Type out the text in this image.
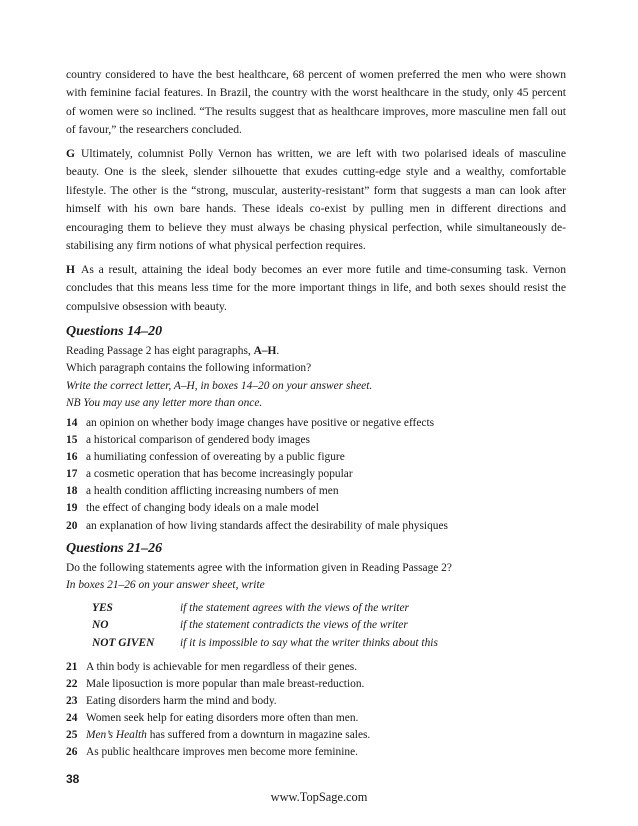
country considered to have the best healthcare, 68 percent of women preferred the men who were shown with feminine facial features. In Brazil, the country with the worst healthcare in the study, only 45 percent of women were so inclined. “The results suggest that as healthcare improves, more masculine men fall out of favour,” the researchers concluded.

G Ultimately, columnist Polly Vernon has written, we are left with two polarised ideals of masculine beauty. One is the sleek, slender silhouette that exudes cutting-edge style and a wealthy, comfortable lifestyle. The other is the “strong, muscular, austerity-resistant” form that suggests a man can look after himself with his own bare hands. These ideals co-exist by pulling men in different directions and encouraging them to believe they must always be chasing physical perfection, while simultaneously de-stabilising any firm notions of what physical perfection requires.

H As a result, attaining the ideal body becomes an ever more futile and time-consuming task. Vernon concludes that this means less time for the more important things in life, and both sexes should resist the compulsive obsession with beauty.

Questions 14–20
Reading Passage 2 has eight paragraphs, A–H.
Which paragraph contains the following information?
Write the correct letter, A–H, in boxes 14–20 on your answer sheet.
NB You may use any letter more than once.
14 an opinion on whether body image changes have positive or negative effects
15 a historical comparison of gendered body images
16 a humiliating confession of overeating by a public figure
17 a cosmetic operation that has become increasingly popular
18 a health condition afflicting increasing numbers of men
19 the effect of changing body ideals on a male model
20 an explanation of how living standards affect the desirability of male physiques
Questions 21–26
Do the following statements agree with the information given in Reading Passage 2?
In boxes 21–26 on your answer sheet, write
YES	if the statement agrees with the views of the writer
NO	if the statement contradicts the views of the writer
NOT GIVEN	if it is impossible to say what the writer thinks about this
21 A thin body is achievable for men regardless of their genes.
22 Male liposuction is more popular than male breast-reduction.
23 Eating disorders harm the mind and body.
24 Women seek help for eating disorders more often than men.
25 Men’s Health has suffered from a downturn in magazine sales.
26 As public healthcare improves men become more feminine.
38
www.TopSage.com
